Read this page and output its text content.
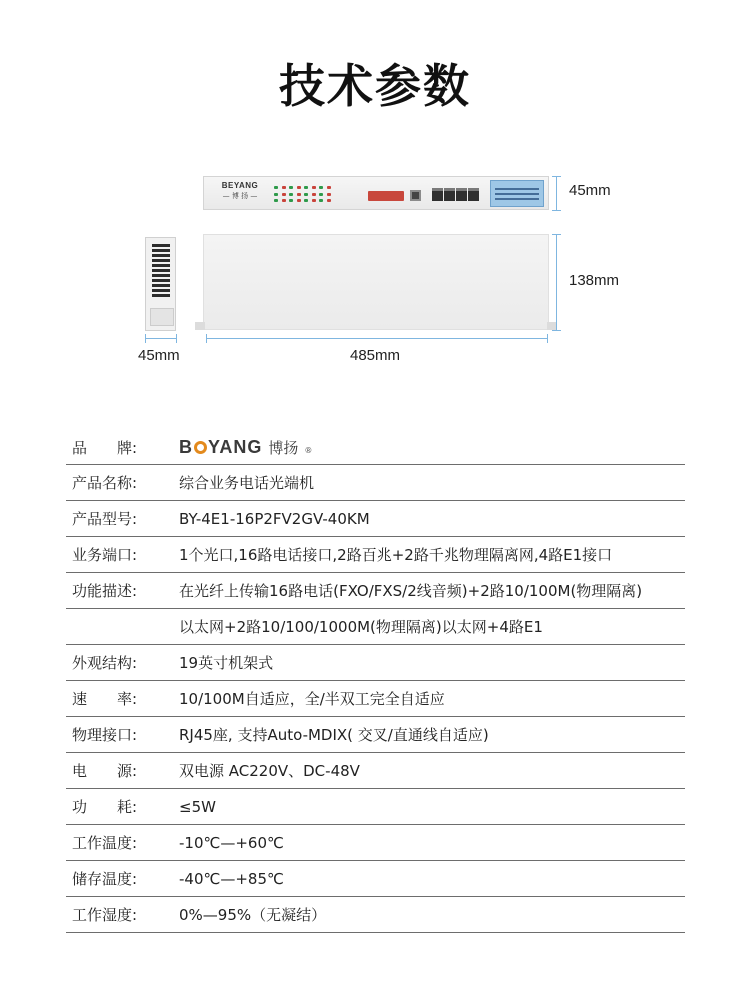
技术参数
BEYANG
— 博 扬 —	45mm
138mm
45mm	485mm
品　　牌:	B YANG 博扬 ®
产品名称:	综合业务电话光端机
产品型号:	BY-4E1-16P2FV2GV-40KM
业务端口:	1个光口,16路电话接口,2路百兆+2路千兆物理隔离网,4路E1接口
功能描述:	在光纤上传输16路电话(FXO/FXS/2线音频)+2路10/100M(物理隔离)
以太网+2路10/100/1000M(物理隔离)以太网+4路E1
外观结构:	19英寸机架式
速　　率:	10/100M自适应，全/半双工完全自适应
物理接口:	RJ45座, 支持Auto-MDIX( 交叉/直通线自适应)
电　　源:	双电源 AC220V、DC-48V
功　　耗:	≤5W
工作温度:	-10℃—+60℃
储存温度:	-40℃—+85℃
工作湿度:	0%—95%（无凝结）
